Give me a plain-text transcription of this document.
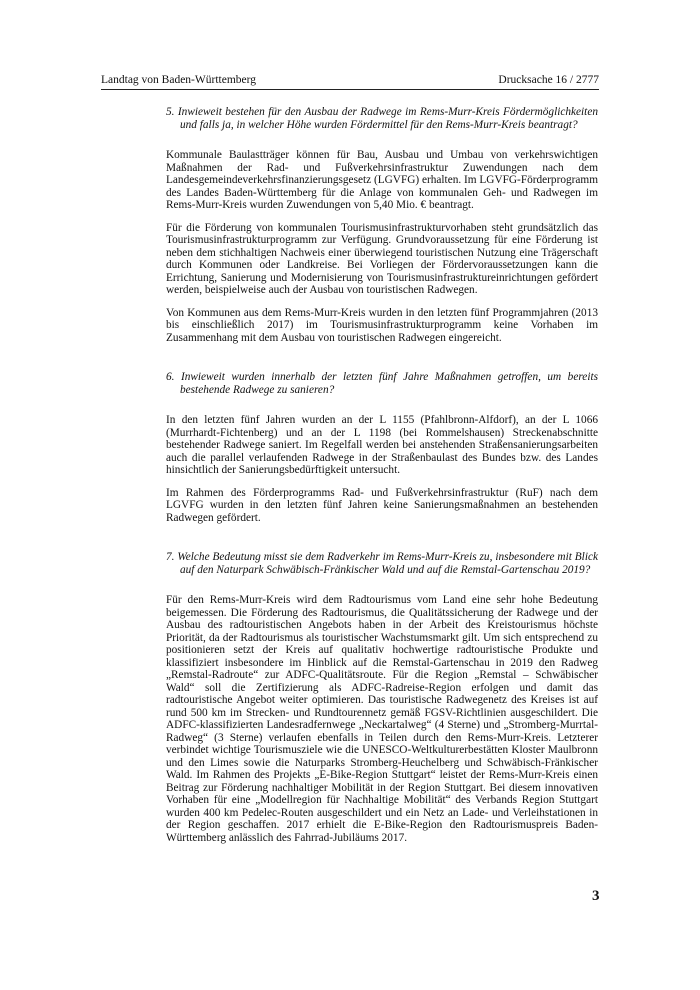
Landtag von Baden-Württemberg	Drucksache 16 / 2777

5. Inwieweit bestehen für den Ausbau der Radwege im Rems-Murr-Kreis Fördermöglichkeiten und falls ja, in welcher Höhe wurden Fördermittel für den Rems-Murr-Kreis beantragt?

Kommunale Baulastträger können für Bau, Ausbau und Umbau von verkehrswichtigen Maßnahmen der Rad- und Fußverkehrsinfrastruktur Zuwendungen nach dem Landesgemeindeverkehrsfinanzierungsgesetz (LGVFG) erhalten. Im LGVFG-Förderprogramm des Landes Baden-Württemberg für die Anlage von kommunalen Geh- und Radwegen im Rems-Murr-Kreis wurden Zuwendungen von 5,40 Mio. € beantragt.

Für die Förderung von kommunalen Tourismusinfrastrukturvorhaben steht grundsätzlich das Tourismusinfrastrukturprogramm zur Verfügung. Grundvoraussetzung für eine Förderung ist neben dem stichhaltigen Nachweis einer überwiegend touristischen Nutzung eine Trägerschaft durch Kommunen oder Landkreise. Bei Vorliegen der Fördervoraussetzungen kann die Errichtung, Sanierung und Modernisierung von Tourismusinfrastruktureinrichtungen gefördert werden, beispielweise auch der Ausbau von touristischen Radwegen.

Von Kommunen aus dem Rems-Murr-Kreis wurden in den letzten fünf Programmjahren (2013 bis einschließlich 2017) im Tourismusinfrastrukturprogramm keine Vorhaben im Zusammenhang mit dem Ausbau von touristischen Radwegen eingereicht.

6. Inwieweit wurden innerhalb der letzten fünf Jahre Maßnahmen getroffen, um bereits bestehende Radwege zu sanieren?

In den letzten fünf Jahren wurden an der L 1155 (Pfahlbronn-Alfdorf), an der L 1066 (Murrhardt-Fichtenberg) und an der L 1198 (bei Rommelshausen) Streckenabschnitte bestehender Radwege saniert. Im Regelfall werden bei anstehenden Straßensanierungsarbeiten auch die parallel verlaufenden Radwege in der Straßenbaulast des Bundes bzw. des Landes hinsichtlich der Sanierungsbedürftigkeit untersucht.

Im Rahmen des Förderprogramms Rad- und Fußverkehrsinfrastruktur (RuF) nach dem LGVFG wurden in den letzten fünf Jahren keine Sanierungsmaßnahmen an bestehenden Radwegen gefördert.

7. Welche Bedeutung misst sie dem Radverkehr im Rems-Murr-Kreis zu, insbesondere mit Blick auf den Naturpark Schwäbisch-Fränkischer Wald und auf die Remstal-Gartenschau 2019?

Für den Rems-Murr-Kreis wird dem Radtourismus vom Land eine sehr hohe Bedeutung beigemessen. Die Förderung des Radtourismus, die Qualitätssicherung der Radwege und der Ausbau des radtouristischen Angebots haben in der Arbeit des Kreistourismus höchste Priorität, da der Radtourismus als touristischer Wachstumsmarkt gilt. Um sich entsprechend zu positionieren setzt der Kreis auf qualitativ hochwertige radtouristische Produkte und klassifiziert insbesondere im Hinblick auf die Remstal-Gartenschau in 2019 den Radweg „Remstal-Radroute“ zur ADFC-Qualitätsroute. Für die Region „Remstal – Schwäbischer Wald“ soll die Zertifizierung als ADFC-Radreise-Region erfolgen und damit das radtouristische Angebot weiter optimieren. Das touristische Radwegenetz des Kreises ist auf rund 500 km im Strecken- und Rundtourennetz gemäß FGSV-Richtlinien ausgeschildert. Die ADFC-klassifizierten Landesradfernwege „Neckartalweg“ (4 Sterne) und „Stromberg-Murrtal-Radweg“ (3 Sterne) verlaufen ebenfalls in Teilen durch den Rems-Murr-Kreis. Letzterer verbindet wichtige Tourismusziele wie die UNESCO-Weltkulturerbestätten Kloster Maulbronn und den Limes sowie die Naturparks Stromberg-Heuchelberg und Schwäbisch-Fränkischer Wald. Im Rahmen des Projekts „E-Bike-Region Stuttgart“ leistet der Rems-Murr-Kreis einen Beitrag zur Förderung nachhaltiger Mobilität in der Region Stuttgart. Bei diesem innovativen Vorhaben für eine „Modellregion für Nachhaltige Mobilität“ des Verbands Region Stuttgart wurden 400 km Pedelec-Routen ausgeschildert und ein Netz an Lade- und Verleihstationen in der Region geschaffen. 2017 erhielt die E-Bike-Region den Radtourismuspreis Baden-Württemberg anlässlich des Fahrrad-Jubiläums 2017.

3
